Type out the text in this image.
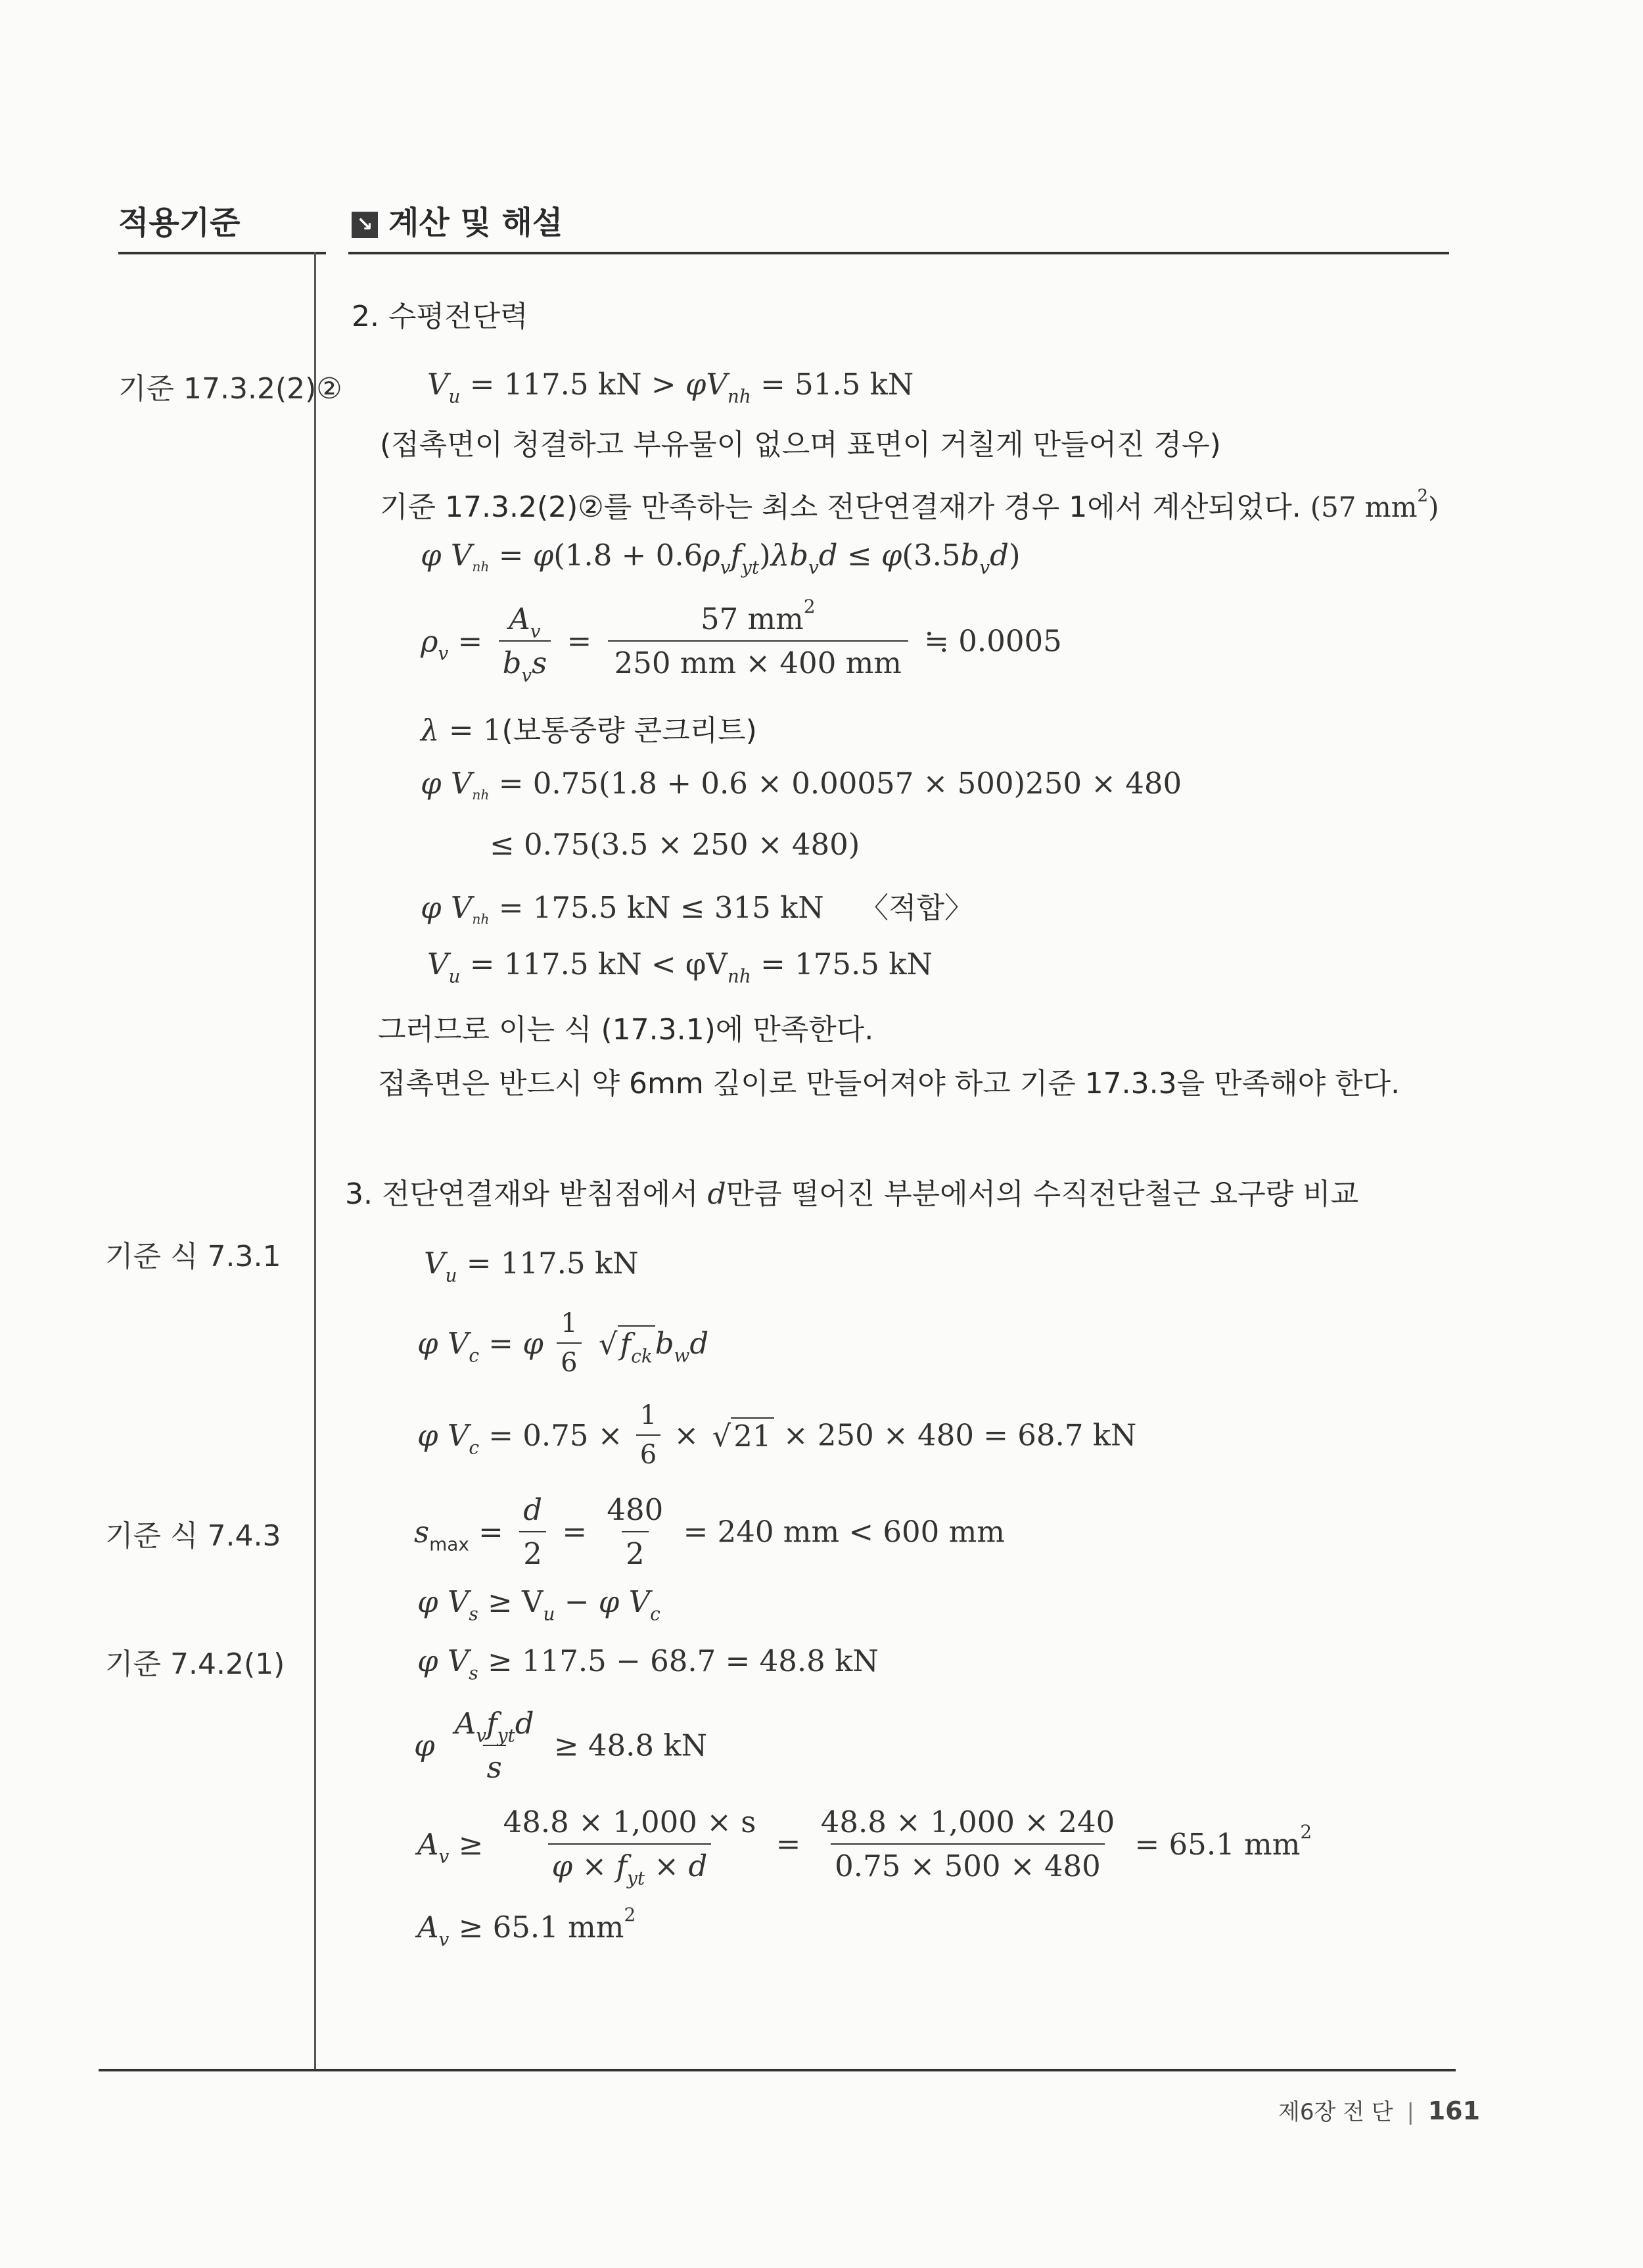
적용기준	↘ 계산 및 해설
기준 17.3.2(2)②
기준 식 7.3.1
기준 식 7.4.3
기준 7.4.2(1)
2. 수평전단력
$V_u = 117.5$ kN > $\varphi V_{nh} = 51.5$ kN
(접촉면이 청결하고 부유물이 없으며 표면이 거칠게 만들어진 경우)
기준 17.3.2(2)②를 만족하는 최소 전단연결재가 경우 1에서 계산되었다. (57 $mm^2$)
φ $V_{nh} = \varphi(1.8 + 0.6\rho_vf_{yt})\lambda b_vd \le \varphi(3.5b_vd)$
$\rho_v = \frac{A_v}{b_vs} = \frac{57 mm^2}{250 mm \times 400 mm}$ ≒ 0.0005
λ = 1(보통중량 콘크리트)
φ $V_{nh} = 0.75(1.8 + 0.6 \times 0.00057 \times 500)250 \times 480$
≤ 0.75(3.5 × 250 × 480)
φ $V_{nh} = 175.5$ kN ≤ 315 kN 〈적합〉
$V_u = 117.5$ kN < $\varphi V_{nh} = 175.5$ kN
그러므로 이는 식 (17.3.1)에 만족한다.
접촉면은 반드시 약 6mm 깊이로 만들어져야 하고 기준 17.3.3을 만족해야 한다.
3. 전단연결재와 받침점에서 d만큼 떨어진 부분에서의 수직전단철근 요구량 비교
$V_u = 117.5$ kN
φ $V_c = \varphi \frac{1}{6} √f_{ck}b_wd$
φ $V_c = 0.75 \times \frac{1}{6} \times √21 \times 250 \times 480 = 68.7$ kN
$s_{max} = \frac{d}{2} = \frac{480}{2} = 240$ mm < 600 mm
φ $V_s \ge V_u - \varphi$ $V_c$
φ $V_s \ge 117.5 - 68.7 = 48.8$ kN
φ $\frac{A_vf_{yt}d}{s} \ge 48.8$ kN
$A_v \ge \frac{48.8 \times 1,000 \times s}{\varphi \times f_{yt} \times d} = \frac{48.8 \times 1,000 \times 240}{0.75 \times 500 \times 480} = 65.1$ $mm^2$
$A_v \ge 65.1$ $mm^2$
제6장 전 단 | 161
